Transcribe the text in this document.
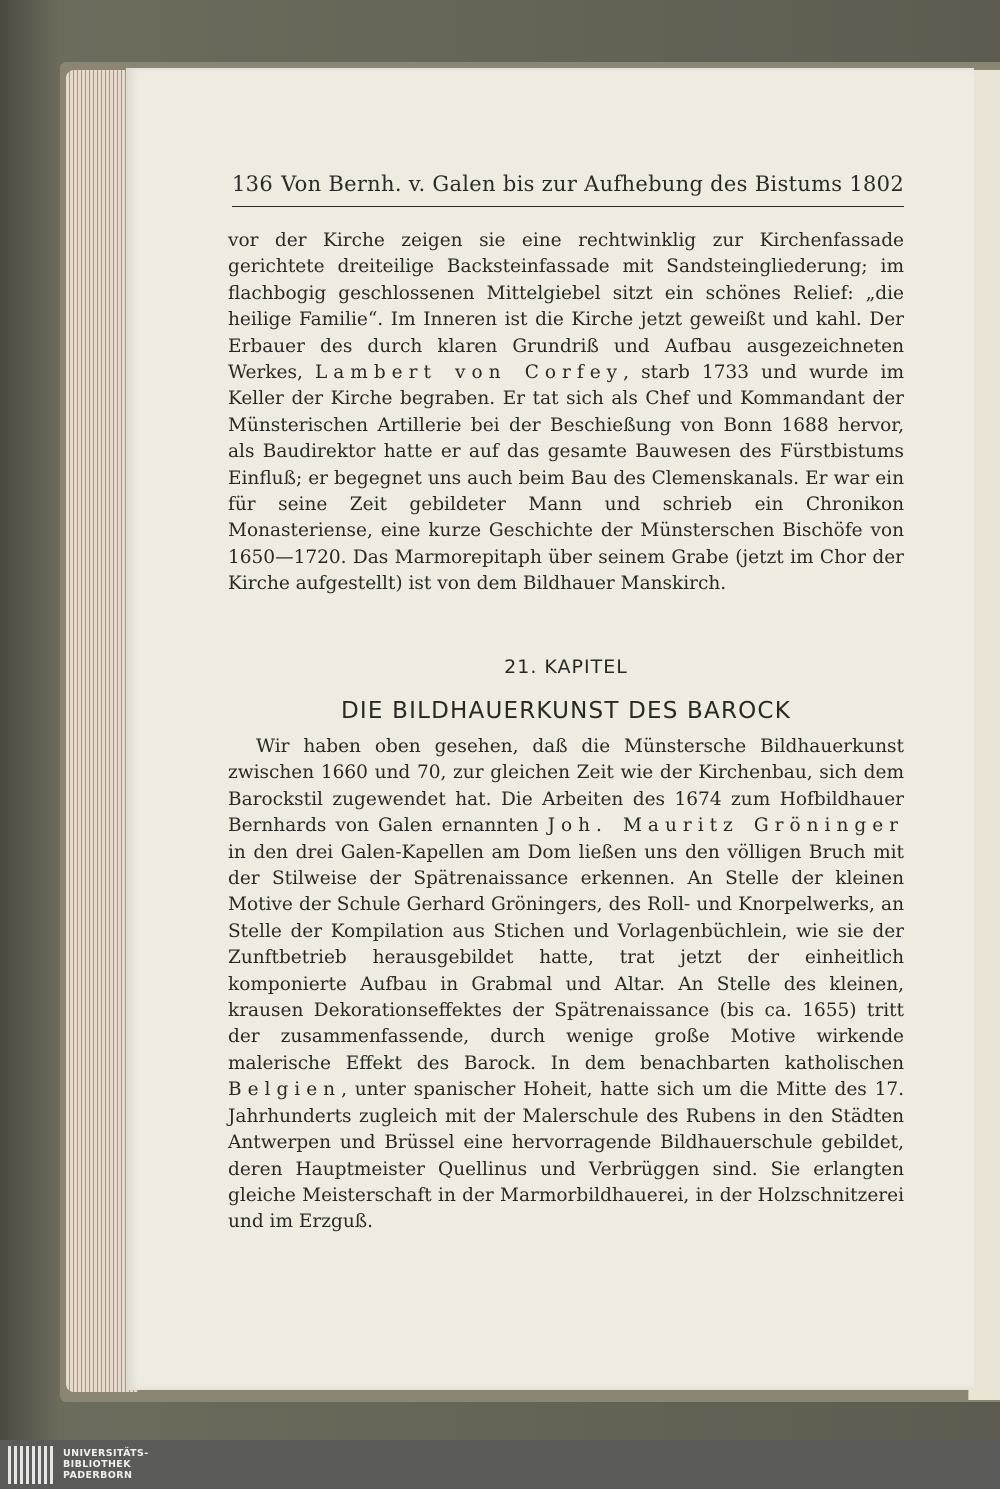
136 Von Bernh. v. Galen bis zur Aufhebung des Bistums 1802

vor der Kirche zeigen sie eine rechtwinklig zur Kirchenfassade gerichtete dreiteilige Backsteinfassade mit Sandsteingliederung; im flachbogig geschlossenen Mittelgiebel sitzt ein schönes Relief: „die heilige Familie“. Im Inneren ist die Kirche jetzt geweißt und kahl. Der Erbauer des durch klaren Grundriß und Aufbau ausgezeichneten Werkes, Lambert von Corfey, starb 1733 und wurde im Keller der Kirche begraben. Er tat sich als Chef und Kommandant der Münsterischen Artillerie bei der Beschießung von Bonn 1688 hervor, als Baudirektor hatte er auf das gesamte Bauwesen des Fürstbistums Einfluß; er begegnet uns auch beim Bau des Clemenskanals. Er war ein für seine Zeit gebildeter Mann und schrieb ein Chronikon Monasteriense, eine kurze Geschichte der Münsterschen Bischöfe von 1650—1720. Das Marmorepitaph über seinem Grabe (jetzt im Chor der Kirche aufgestellt) ist von dem Bildhauer Manskirch.

21. KAPITEL
DIE BILDHAUERKUNST DES BAROCK

Wir haben oben gesehen, daß die Münstersche Bildhauerkunst zwischen 1660 und 70, zur gleichen Zeit wie der Kirchenbau, sich dem Barockstil zugewendet hat. Die Arbeiten des 1674 zum Hofbildhauer Bernhards von Galen ernannten Joh. Mauritz Gröninger in den drei Galen-Kapellen am Dom ließen uns den völligen Bruch mit der Stilweise der Spätrenaissance erkennen. An Stelle der kleinen Motive der Schule Gerhard Gröningers, des Roll- und Knorpelwerks, an Stelle der Kompilation aus Stichen und Vorlagenbüchlein, wie sie der Zunftbetrieb herausgebildet hatte, trat jetzt der einheitlich komponierte Aufbau in Grabmal und Altar. An Stelle des kleinen, krausen Dekorationseffektes der Spätrenaissance (bis ca. 1655) tritt der zusammenfassende, durch wenige große Motive wirkende malerische Effekt des Barock. In dem benachbarten katholischen Belgien, unter spanischer Hoheit, hatte sich um die Mitte des 17. Jahrhunderts zugleich mit der Malerschule des Rubens in den Städten Antwerpen und Brüssel eine hervorragende Bildhauerschule gebildet, deren Hauptmeister Quellinus und Verbrüggen sind. Sie erlangten gleiche Meisterschaft in der Marmorbildhauerei, in der Holzschnitzerei und im Erzguß.

UNIVERSITÄTS-
BIBLIOTHEK
PADERBORN
